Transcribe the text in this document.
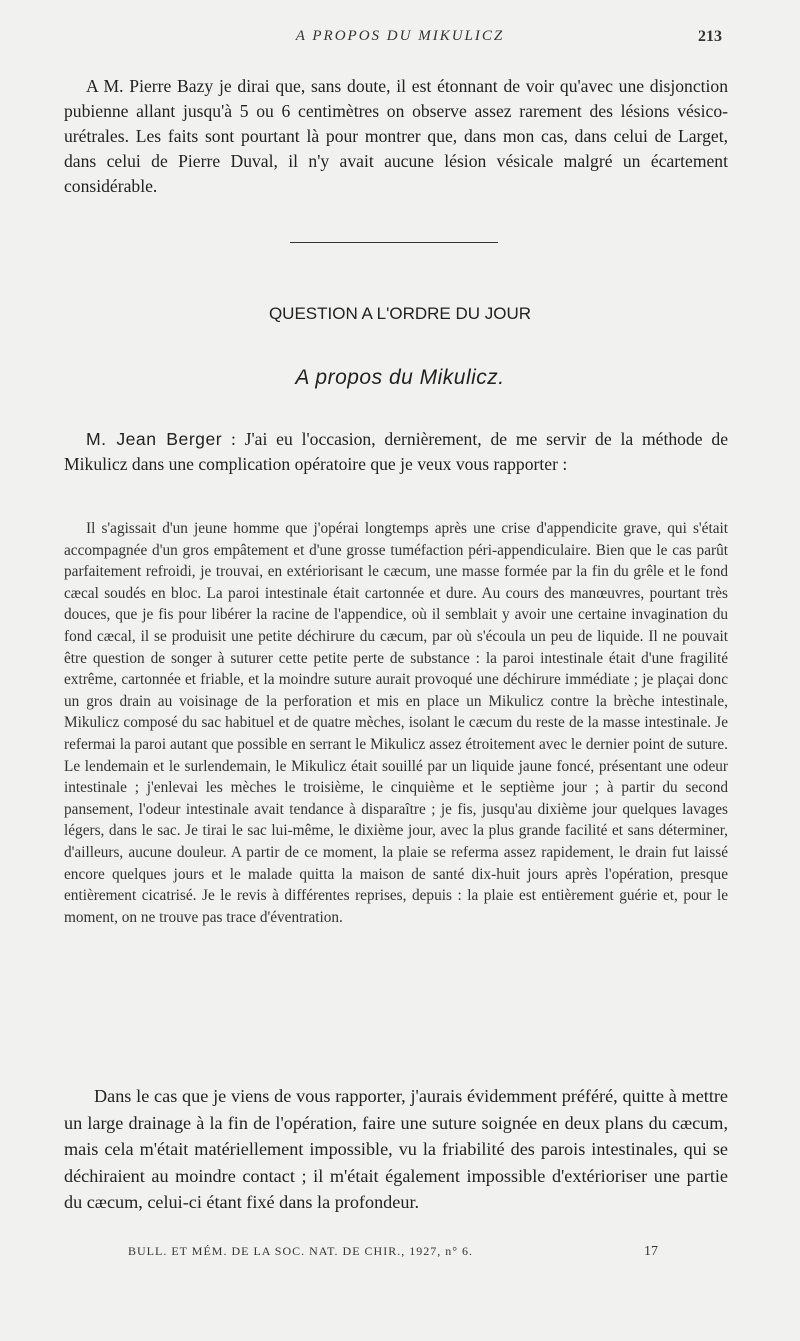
A PROPOS DU MIKULICZ	213

A M. Pierre Bazy je dirai que, sans doute, il est étonnant de voir qu'avec une disjonction pubienne allant jusqu'à 5 ou 6 centimètres on observe assez rarement des lésions vésico-urétrales. Les faits sont pourtant là pour montrer que, dans mon cas, dans celui de Larget, dans celui de Pierre Duval, il n'y avait aucune lésion vésicale malgré un écartement considérable.

QUESTION A L'ORDRE DU JOUR
A propos du Mikulicz.

M. Jean Berger : J'ai eu l'occasion, dernièrement, de me servir de la méthode de Mikulicz dans une complication opératoire que je veux vous rapporter :

Il s'agissait d'un jeune homme que j'opérai longtemps après une crise d'appendicite grave, qui s'était accompagnée d'un gros empâtement et d'une grosse tuméfaction péri-appendiculaire. Bien que le cas parût parfaitement refroidi, je trouvai, en extériorisant le cæcum, une masse formée par la fin du grêle et le fond cæcal soudés en bloc. La paroi intestinale était cartonnée et dure. Au cours des manœuvres, pourtant très douces, que je fis pour libérer la racine de l'appendice, où il semblait y avoir une certaine invagination du fond cæcal, il se produisit une petite déchirure du cæcum, par où s'écoula un peu de liquide. Il ne pouvait être question de songer à suturer cette petite perte de substance : la paroi intestinale était d'une fragilité extrême, cartonnée et friable, et la moindre suture aurait provoqué une déchirure immédiate ; je plaçai donc un gros drain au voisinage de la perforation et mis en place un Mikulicz contre la brèche intestinale, Mikulicz composé du sac habituel et de quatre mèches, isolant le cæcum du reste de la masse intestinale. Je refermai la paroi autant que possible en serrant le Mikulicz assez étroitement avec le dernier point de suture. Le lendemain et le surlendemain, le Mikulicz était souillé par un liquide jaune foncé, présentant une odeur intestinale ; j'enlevai les mèches le troisième, le cinquième et le septième jour ; à partir du second pansement, l'odeur intestinale avait tendance à disparaître ; je fis, jusqu'au dixième jour quelques lavages légers, dans le sac. Je tirai le sac lui-même, le dixième jour, avec la plus grande facilité et sans déterminer, d'ailleurs, aucune douleur. A partir de ce moment, la plaie se referma assez rapidement, le drain fut laissé encore quelques jours et le malade quitta la maison de santé dix-huit jours après l'opération, presque entièrement cicatrisé. Je le revis à différentes reprises, depuis : la plaie est entièrement guérie et, pour le moment, on ne trouve pas trace d'éventration.

Dans le cas que je viens de vous rapporter, j'aurais évidemment préféré, quitte à mettre un large drainage à la fin de l'opération, faire une suture soignée en deux plans du cæcum, mais cela m'était matériellement impossible, vu la friabilité des parois intestinales, qui se déchiraient au moindre contact ; il m'était également impossible d'extérioriser une partie du cæcum, celui-ci étant fixé dans la profondeur.

BULL. ET MÉM. DE LA SOC. NAT. DE CHIR., 1927, n° 6.	17
